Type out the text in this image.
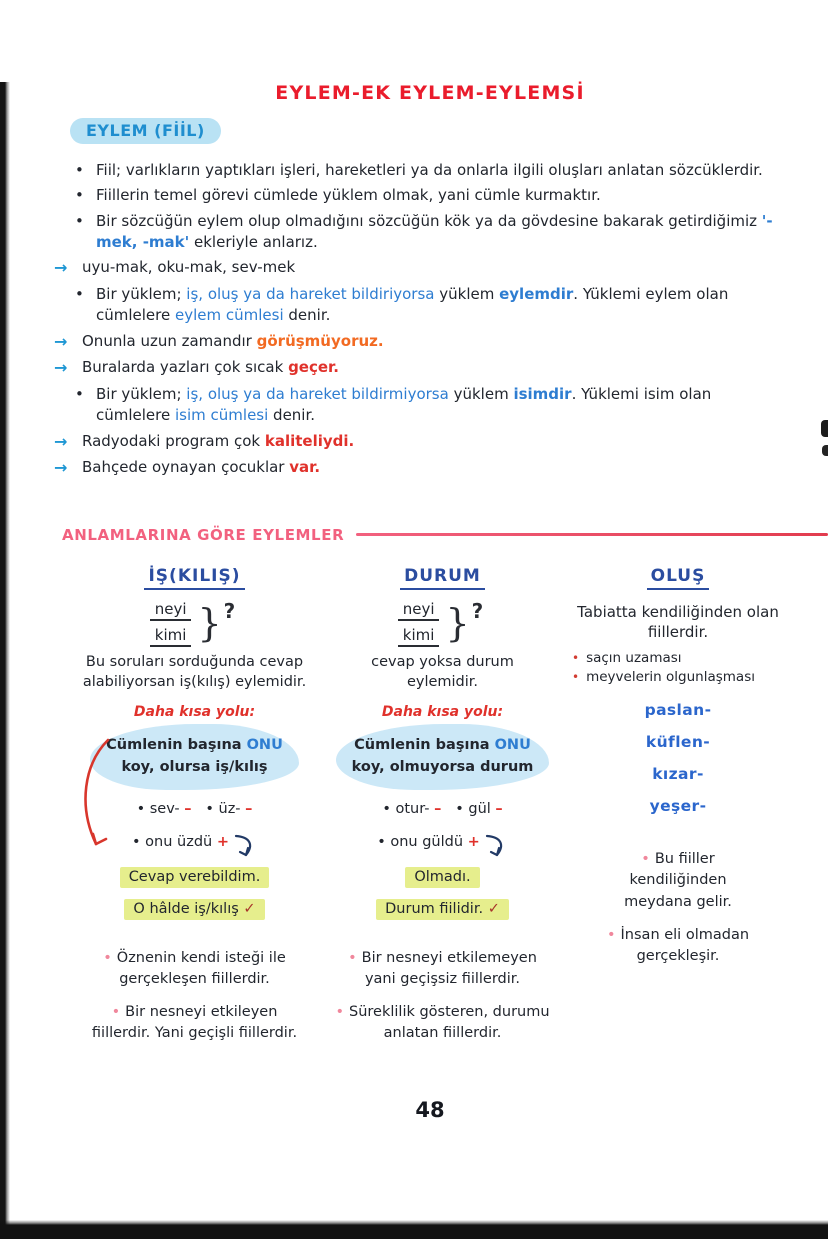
EYLEM-EK EYLEM-EYLEMSİ
EYLEM (FİİL)
• Fiil; varlıkların yaptıkları işleri, hareketleri ya da onlarla ilgili oluşları anlatan sözcüklerdir.
• Fiillerin temel görevi cümlede yüklem olmak, yani cümle kurmaktır.
• Bir sözcüğün eylem olup olmadığını sözcüğün kök ya da gövdesine bakarak getirdiğimiz '-mek, -mak' ekleriyle anlarız.
→ uyu-mak, oku-mak, sev-mek
• Bir yüklem; iş, oluş ya da hareket bildiriyorsa yüklem eylemdir. Yüklemi eylem olan cümlelere eylem cümlesi denir.
→ Onunla uzun zamandır görüşmüyoruz.
→ Buralarda yazları çok sıcak geçer.
• Bir yüklem; iş, oluş ya da hareket bildirmiyorsa yüklem isimdir. Yüklemi isim olan cümlelere isim cümlesi denir.
→ Radyodaki program çok kaliteliydi.
→ Bahçede oynayan çocuklar var.
ANLAMLARINA GÖRE EYLEMLER
İŞ(KILIŞ)
neyi
kimi } ?

Bu soruları sorduğunda cevap alabiliyorsan iş(kılış) eylemidir.

Daha kısa yolu:

Cümlenin başına ONU
koy, olursa iş/kılış
• sev- –   • üz- –
• onu üzdü +
Cevap verebildim.
O hâlde iş/kılış ✓

• Öznenin kendi isteği ile gerçekleşen fiillerdir.

• Bir nesneyi etkileyen fiillerdir. Yani geçişli fiillerdir.

DURUM
neyi
kimi } ?

cevap yoksa durum eylemidir.

Daha kısa yolu:

Cümlenin başına ONU
koy, olmuyorsa durum
• otur- –   • gül –
• onu güldü +
Olmadı.
Durum fiilidir. ✓

• Bir nesneyi etkilemeyen yani geçişsiz fiillerdir.

• Süreklilik gösteren, durumu anlatan fiillerdir.

OLUŞ

Tabiatta kendiliğinden olan fiillerdir.

• saçın uzaması

• meyvelerin olgunlaşması

paslan-

küflen-

kızar-

yeşer-

• Bu fiiller kendiliğinden meydana gelir.

• İnsan eli olmadan gerçekleşir.

48
